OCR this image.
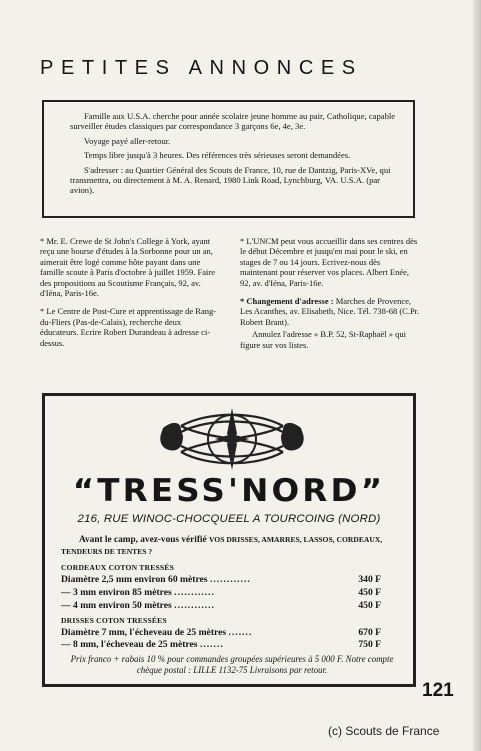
PETITES ANNONCES

Famille aux U.S.A. cherche pour année scolaire jeune homme au pair, Catholique, capable surveiller études classiques par correspondance 3 garçons 6e, 4e, 3e.

Voyage payé aller-retour.

Temps libre jusqu'à 3 heures. Des références très sérieuses seront demandées.

S'adresser : au Quartier Général des Scouts de France, 10, rue de Dantzig, Paris-XVe, qui transmettra, ou directement à M. A. Renard, 1980 Link Road, Lynchburg, VA. U.S.A. (par avion).

* Mr. E. Crewe de St John's College à York, ayant reçu une bourse d'études à la Sorbonne pour un an, aimerait être logé comme hôte payant dans une famille scoute à Paris d'octobre à juillet 1959. Faire des propositions au Scoutisme Français, 92, av. d'Iéna, Paris-16e.

* Le Centre de Post-Cure et apprentissage de Rang-du-Fliers (Pas-de-Calais), recherche deux éducateurs. Ecrire Robert Durandeau à adresse ci-dessus.

* L'UNCM peut vous accueillir dans ses centres dès le début Décembre et jusqu'en mai pour le ski, en stages de 7 ou 14 jours. Ecrivez-nous dès maintenant pour réserver vos places. Albert Enée, 92, av. d'Iéna, Paris-16e.

* Changement d'adresse : Marches de Provence, Les Acanthes, av. Elisabeth, Nice. Tél. 738-68 (C.Pr. Robert Brant).

Annulez l'adresse « B.P. 52, St-Raphaël » qui figure sur vos listes.

“TRESS'NORD”
216, RUE WINOC-CHOCQUEEL A TOURCOING (NORD)
Avant le camp, avez-vous vérifié VOS DRISSES, AMARRES, LASSOS, CORDEAUX, TENDEURS DE TENTES ?
CORDEAUX COTON TRESSÉS
Diamètre 2,5 mm environ 60 mètres ............	340 F
— 3 mm environ 85 mètres ............	450 F
— 4 mm environ 50 mètres ............	450 F
DRISSES COTON TRESSÉES
Diamètre 7 mm, l'écheveau de 25 mètres .......	670 F
— 8 mm, l'écheveau de 25 mètres .......	750 F
Prix franco + rabais 10 % pour commandes groupées supérieures à 5 000 F. Notre compte chèque postal : LILLE 1132-75 Livraisons par retour.
121
(c) Scouts de France
